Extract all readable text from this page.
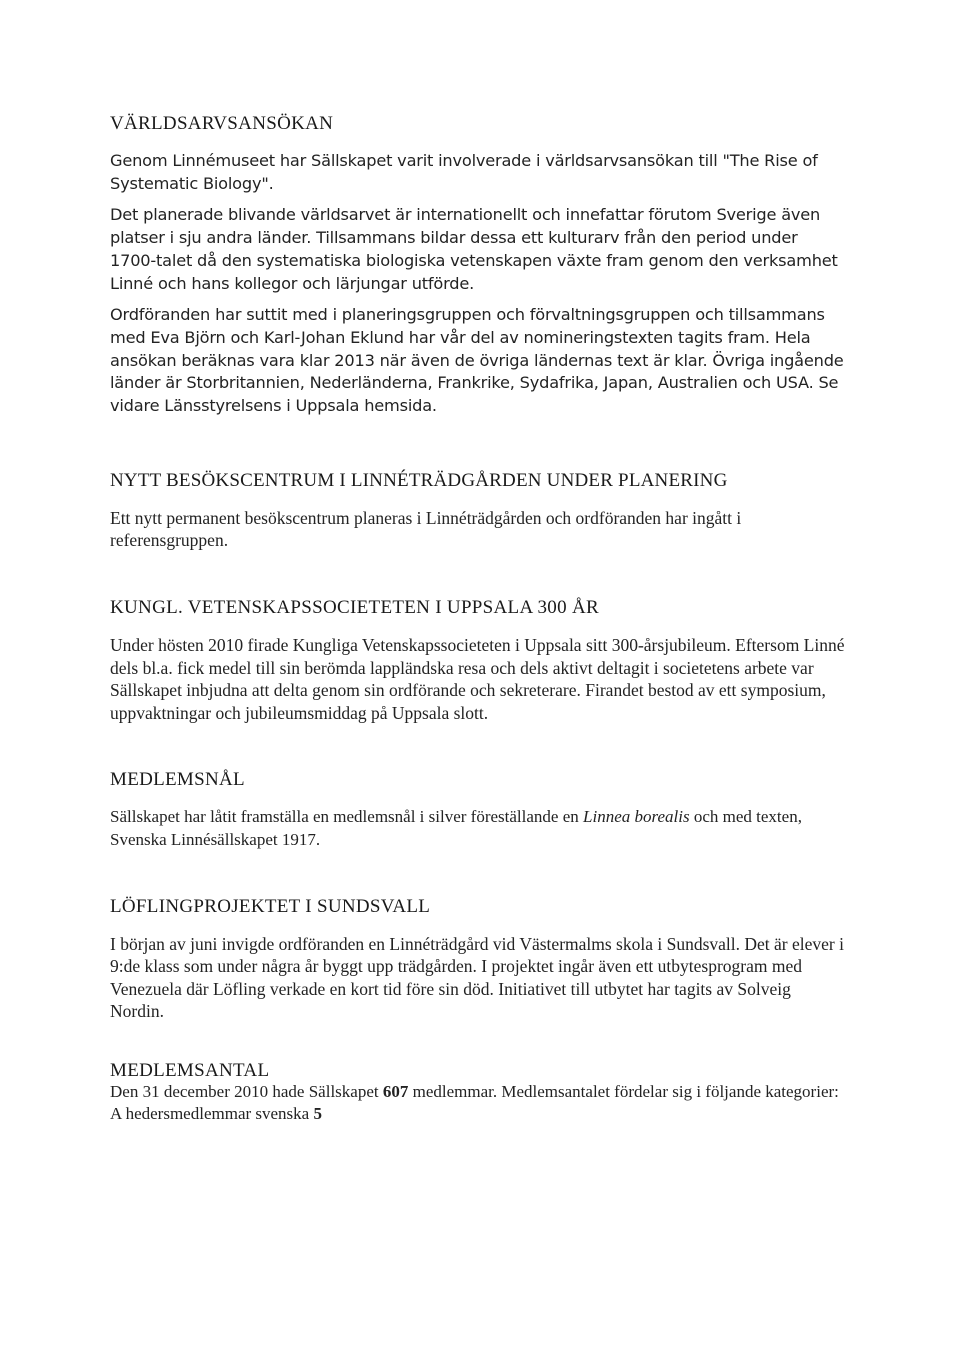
VÄRLDSARVSANSÖKAN

Genom Linnémuseet har Sällskapet varit involverade i världsarvsansökan till "The Rise of Systematic Biology".

Det planerade blivande världsarvet är internationellt och innefattar förutom Sverige även platser i sju andra länder. Tillsammans bildar dessa ett kulturarv från den period under 1700-talet då den systematiska biologiska vetenskapen växte fram genom den verksamhet Linné och hans kollegor och lärjungar utförde.

Ordföranden har suttit med i planeringsgruppen och förvaltningsgruppen och tillsammans med Eva Björn och Karl-Johan Eklund har vår del av nomineringstexten tagits fram. Hela ansökan beräknas vara klar 2013 när även de övriga ländernas text är klar. Övriga ingående länder är Storbritannien, Nederländerna, Frankrike, Sydafrika, Japan, Australien och USA. Se vidare Länsstyrelsens i Uppsala hemsida.

NYTT BESÖKSCENTRUM I LINNÉTRÄDGÅRDEN UNDER PLANERING

Ett nytt permanent besökscentrum planeras i Linnéträdgården och ordföranden har ingått i referensgruppen.

KUNGL. VETENSKAPSSOCIETETEN I UPPSALA 300 ÅR

Under hösten 2010 firade Kungliga Vetenskapssocieteten i Uppsala sitt 300-årsjubileum. Eftersom Linné dels bl.a. fick medel till sin berömda lappländska resa och dels aktivt deltagit i societetens arbete var Sällskapet inbjudna att delta genom sin ordförande och sekreterare. Firandet bestod av ett symposium, uppvaktningar och jubileumsmiddag på Uppsala slott.

MEDLEMSNÅL

Sällskapet har låtit framställa en medlemsnål i silver föreställande en Linnea borealis och med texten, Svenska Linnésällskapet 1917.

LÖFLINGPROJEKTET I SUNDSVALL

I början av juni invigde ordföranden en Linnéträdgård vid Västermalms skola i Sundsvall. Det är elever i 9:de klass som under några år byggt upp trädgården. I projektet ingår även ett utbytesprogram med Venezuela där Löfling verkade en kort tid före sin död. Initiativet till utbytet har tagits av Solveig Nordin.

MEDLEMSANTAL

Den 31 december 2010 hade Sällskapet 607 medlemmar. Medlemsantalet fördelar sig i följande kategorier:

A hedersmedlemmar svenska 5
